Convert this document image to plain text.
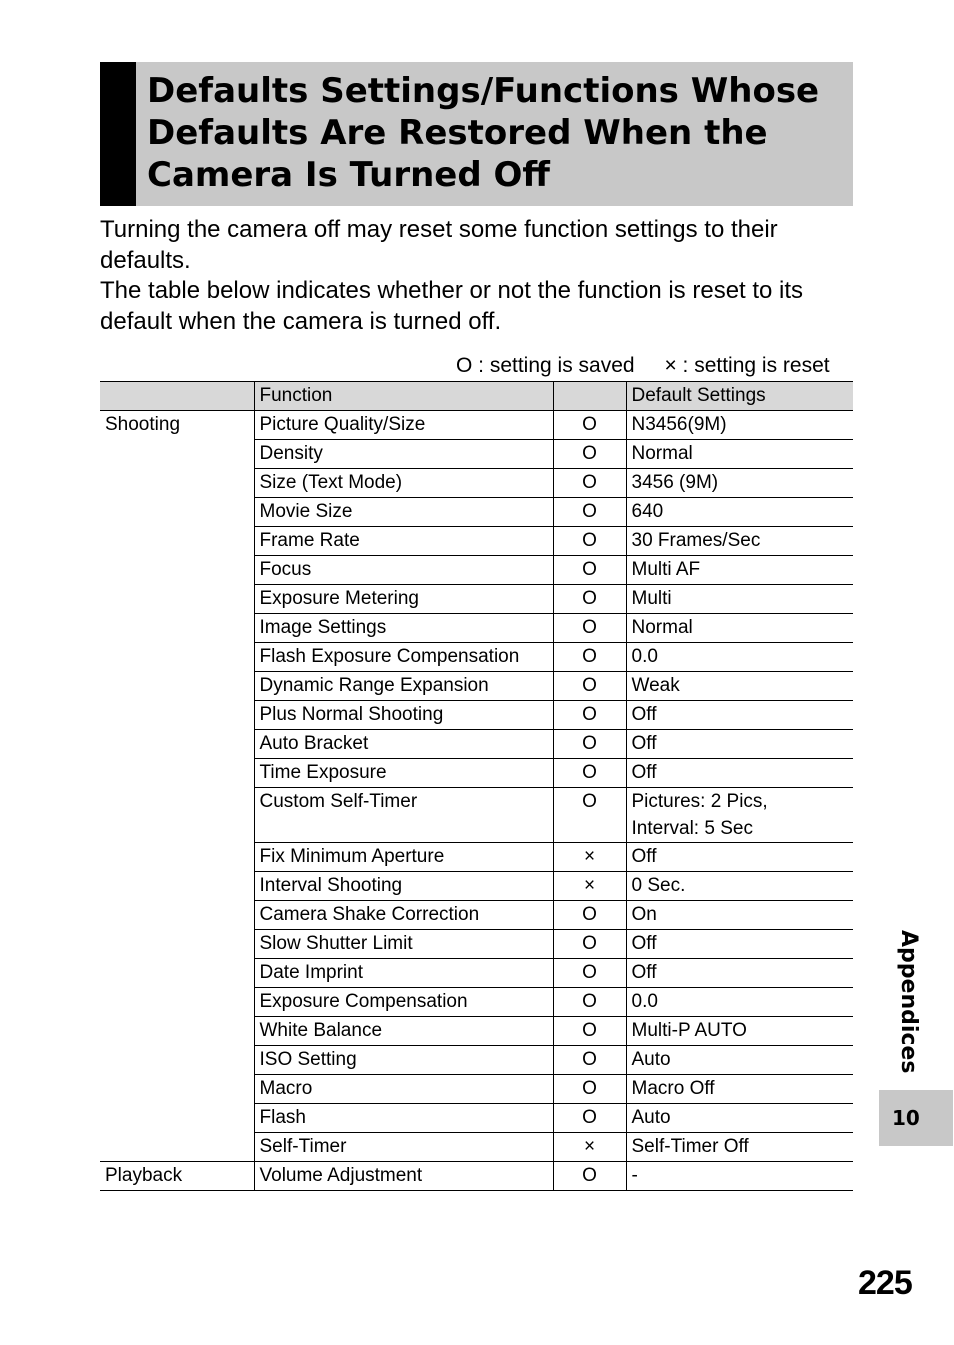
Defaults Settings/Functions Whose
Defaults Are Restored When the
Camera Is Turned Off

Turning the camera off may reset some function settings to their defaults.

The table below indicates whether or not the function is reset to its default when the camera is turned off.

O : setting is saved × : setting is reset
	Function		Default Settings
Shooting	Picture Quality/Size	O	N3456(9M)
	Density	O	Normal
	Size (Text Mode)	O	3456 (9M)
	Movie Size	O	640
	Frame Rate	O	30 Frames/Sec
	Focus	O	Multi AF
	Exposure Metering	O	Multi
	Image Settings	O	Normal
	Flash Exposure Compensation	O	0.0
	Dynamic Range Expansion	O	Weak
	Plus Normal Shooting	O	Off
	Auto Bracket	O	Off
	Time Exposure	O	Off
	Custom Self-Timer	O	Pictures: 2 Pics,
Interval: 5 Sec
	Fix Minimum Aperture	×	Off
	Interval Shooting	×	0 Sec.
	Camera Shake Correction	O	On
	Slow Shutter Limit	O	Off
	Date Imprint	O	Off
	Exposure Compensation	O	0.0
	White Balance	O	Multi-P AUTO
	ISO Setting	O	Auto
	Macro	O	Macro Off
	Flash	O	Auto
	Self-Timer	×	Self-Timer Off
Playback	Volume Adjustment	O	-
Appendices
10
225
